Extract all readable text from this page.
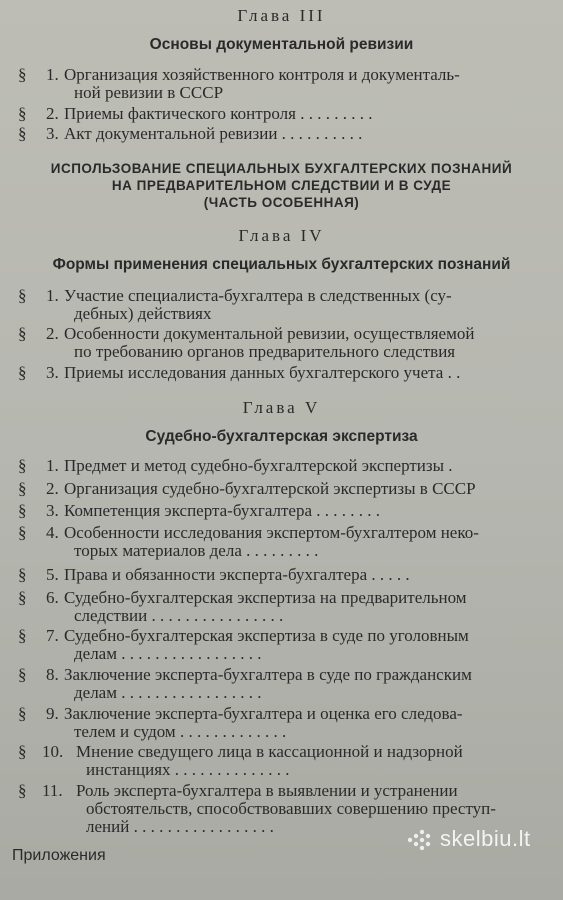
Глава III
Основы документальной ревизии
§ 1. Организация хозяйственного контроля и документаль-
ной ревизии в СССР
§ 2. Приемы фактического контроля . . . . . . . . .
§ 3. Акт документальной ревизии . . . . . . . . . .
ИСПОЛЬЗОВАНИЕ СПЕЦИАЛЬНЫХ БУХГАЛТЕРСКИХ ПОЗНАНИЙ
НА ПРЕДВАРИТЕЛЬНОМ СЛЕДСТВИИ И В СУДЕ
(ЧАСТЬ ОСОБЕННАЯ)
Глава IV
Формы применения специальных бухгалтерских познаний
§ 1. Участие специалиста-бухгалтера в следственных (су-
дебных) действиях
§ 2. Особенности документальной ревизии, осуществляемой
по требованию органов предварительного следствия
§ 3. Приемы исследования данных бухгалтерского учета . .
Глава V
Судебно-бухгалтерская экспертиза
§ 1. Предмет и метод судебно-бухгалтерской экспертизы .
§ 2. Организация судебно-бухгалтерской экспертизы в СССР
§ 3. Компетенция эксперта-бухгалтера . . . . . . . .
§ 4. Особенности исследования экспертом-бухгалтером неко-
торых материалов дела . . . . . . . . .
§ 5. Права и обязанности эксперта-бухгалтера . . . . .
§ 6. Судебно-бухгалтерская экспертиза на предварительном
следствии . . . . . . . . . . . . . . . .
§ 7. Судебно-бухгалтерская экспертиза в суде по уголовным
делам . . . . . . . . . . . . . . . . .
§ 8. Заключение эксперта-бухгалтера в суде по гражданским
делам . . . . . . . . . . . . . . . . .
§ 9. Заключение эксперта-бухгалтера и оценка его следова-
телем и судом . . . . . . . . . . . . .
§ 10. Мнение сведущего лица в кассационной и надзорной
инстанциях . . . . . . . . . . . . . .
§ 11. Роль эксперта-бухгалтера в выявлении и устранении
обстоятельств, способствовавших совершению преступ-
лений . . . . . . . . . . . . . . . . .
Приложения
skelbiu.lt
